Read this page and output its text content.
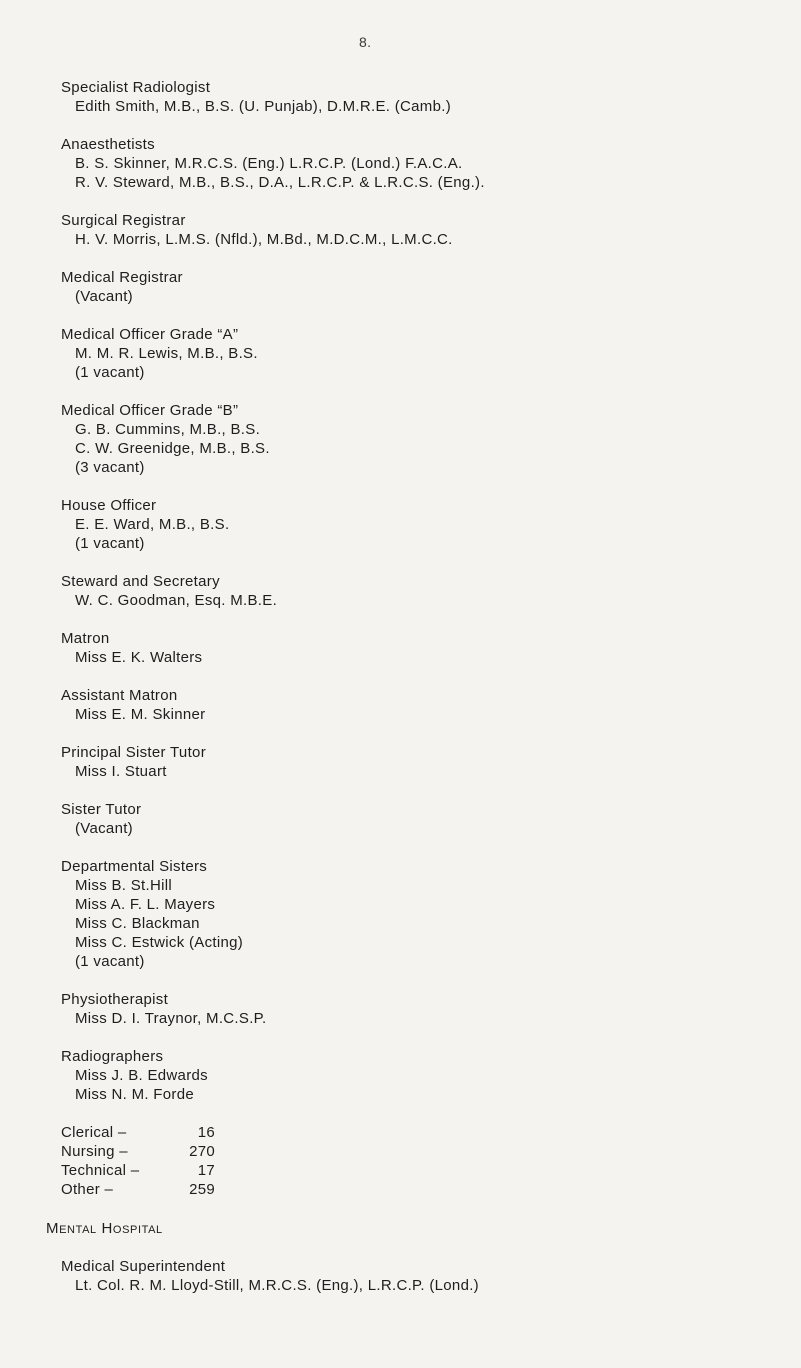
8.
Specialist Radiologist
Edith Smith, M.B., B.S. (U. Punjab), D.M.R.E. (Camb.)
Anaesthetists
B. S. Skinner, M.R.C.S. (Eng.) L.R.C.P. (Lond.) F.A.C.A.
R. V. Steward, M.B., B.S., D.A., L.R.C.P. & L.R.C.S. (Eng.).
Surgical Registrar
H. V. Morris, L.M.S. (Nfld.), M.Bd., M.D.C.M., L.M.C.C.
Medical Registrar
(Vacant)
Medical Officer Grade “A”
M. M. R. Lewis, M.B., B.S.
(1 vacant)
Medical Officer Grade “B”
G. B. Cummins, M.B., B.S.
C. W. Greenidge, M.B., B.S.
(3 vacant)
House Officer
E. E. Ward, M.B., B.S.
(1 vacant)
Steward and Secretary
W. C. Goodman, Esq. M.B.E.
Matron
Miss E. K. Walters
Assistant Matron
Miss E. M. Skinner
Principal Sister Tutor
Miss I. Stuart
Sister Tutor
(Vacant)
Departmental Sisters
Miss B. St.Hill
Miss A. F. L. Mayers
Miss C. Blackman
Miss C. Estwick (Acting)
(1 vacant)
Physiotherapist
Miss D. I. Traynor, M.C.S.P.
Radiographers
Miss J. B. Edwards
Miss N. M. Forde
Clerical –	16
Nursing –	270
Technical –	17
Other –	259
Mental Hospital
Medical Superintendent
Lt. Col. R. M. Lloyd-Still, M.R.C.S. (Eng.), L.R.C.P. (Lond.)
